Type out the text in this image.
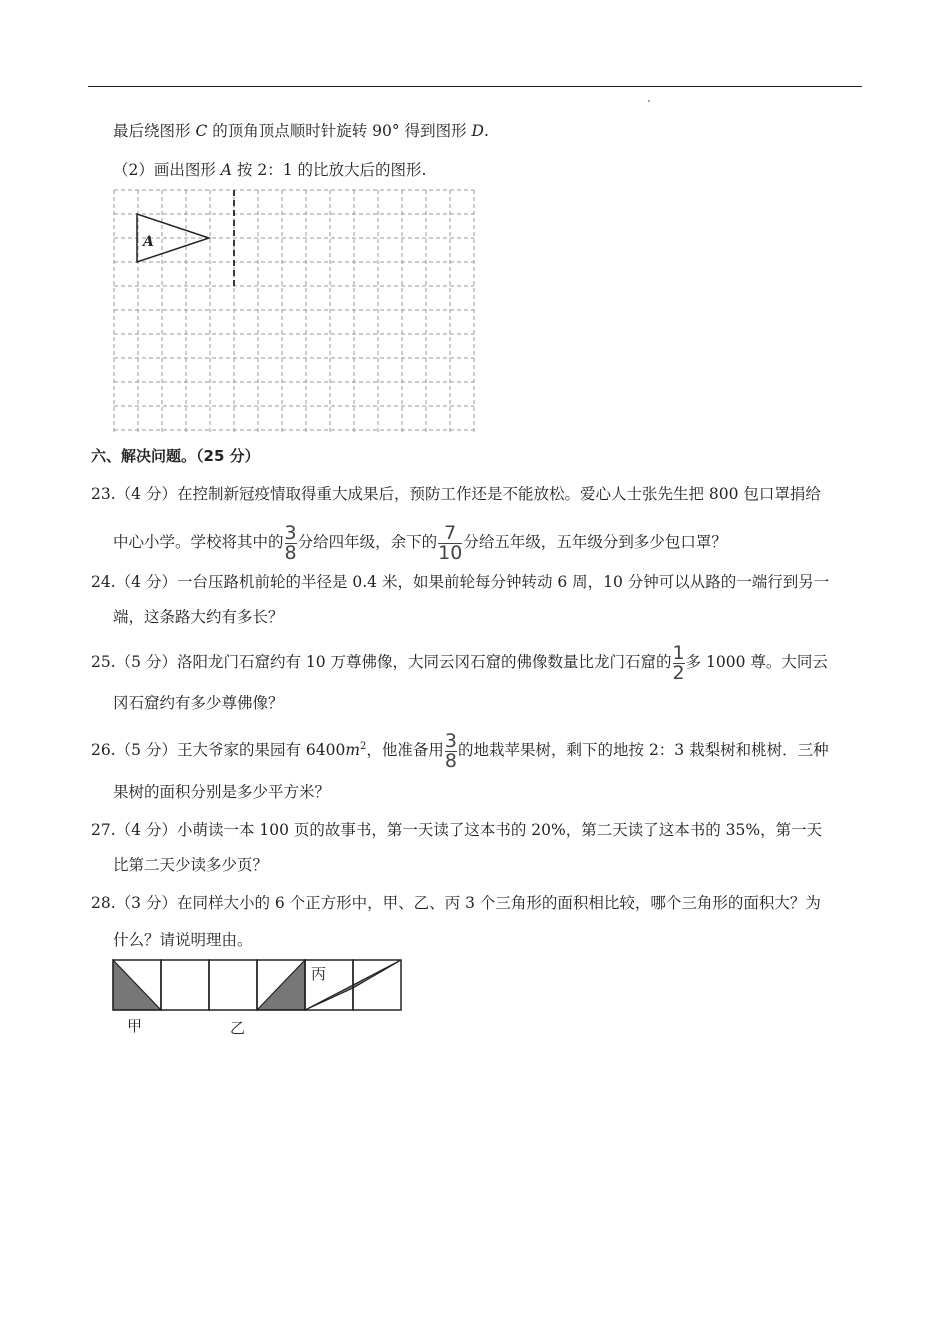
最后绕图形 C 的顶角顶点顺时针旋转 90° 得到图形 D.
（2）画出图形 A 按 2：1 的比放大后的图形.
A
六、解决问题。（25 分）
23.（4 分）在控制新冠疫情取得重大成果后，预防工作还是不能放松。爱心人士张先生把 800 包口罩捐给
中心小学。学校将其中的 $\frac{3}{8}$ 分给四年级，余下的 $\frac{7}{10}$ 分给五年级，五年级分到多少包口罩？
24.（4 分）一台压路机前轮的半径是 0.4 米，如果前轮每分钟转动 6 周，10 分钟可以从路的一端行到另一
端，这条路大约有多长？
25.（5 分）洛阳龙门石窟约有 10 万尊佛像，大同云冈石窟的佛像数量比龙门石窟的 $\frac{1}{2}$ 多 1000 尊。大同云
冈石窟约有多少尊佛像？
26.（5 分）王大爷家的果园有 $6400m^2$，他准备用 $\frac{3}{8}$ 的地栽苹果树，剩下的地按 2：3 栽梨树和桃树．三种
果树的面积分别是多少平方米？
27.（4 分）小萌读一本 100 页的故事书，第一天读了这本书的 20%，第二天读了这本书的 35%，第一天
比第二天少读多少页？
28.（3 分）在同样大小的 6 个正方形中，甲、乙、丙 3 个三角形的面积相比较，哪个三角形的面积大？为
什么？请说明理由。
甲	乙
丙
